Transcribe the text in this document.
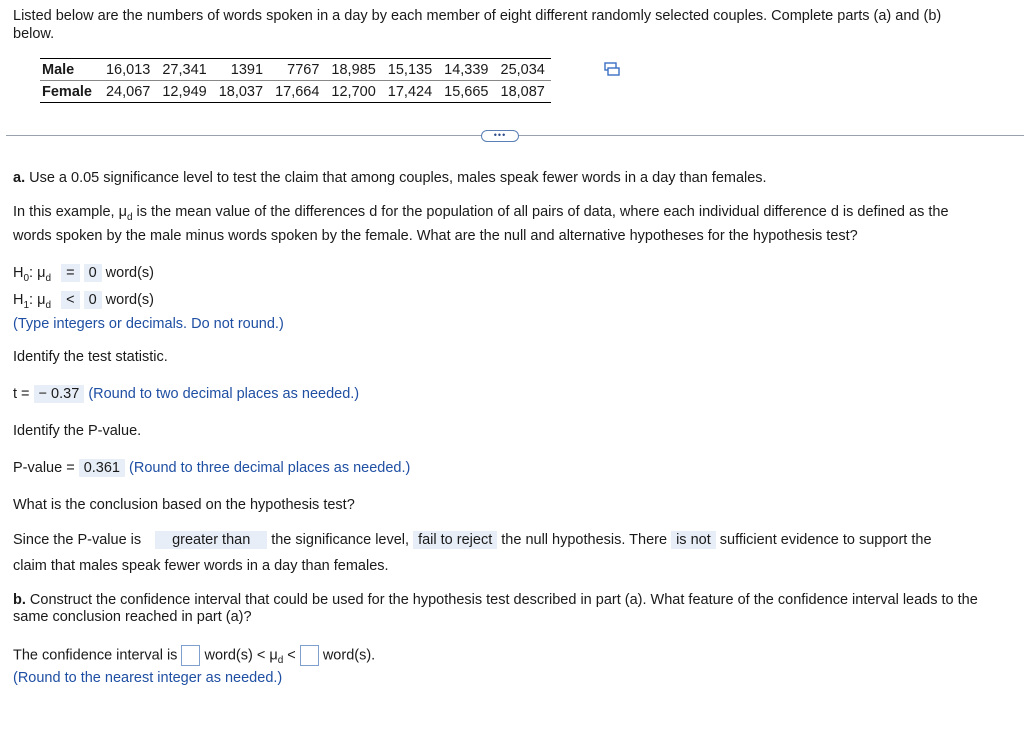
Listed below are the numbers of words spoken in a day by each member of eight different randomly selected couples. Complete parts (a) and (b)
below.
Male	16,013	27,341	1391	7767	18,985	15,135	14,339	25,034
Female	24,067	12,949	18,037	17,664	12,700	17,424	15,665	18,087
•••
a. Use a 0.05 significance level to test the claim that among couples, males speak fewer words in a day than females.
In this example, $\mu_d$ is the mean value of the differences d for the population of all pairs of data, where each individual difference d is defined as the
words spoken by the male minus words spoken by the female. What are the null and alternative hypotheses for the hypothesis test?
$H_0$: $\mu_d = 0$ word(s)
$H_1$: $\mu_d < 0$ word(s)
(Type integers or decimals. Do not round.)
Identify the test statistic.
t = − 0.37 (Round to two decimal places as needed.)
Identify the P-value.
P-value = 0.361 (Round to three decimal places as needed.)
What is the conclusion based on the hypothesis test?
Since the P-value is greater than the significance level, fail to reject the null hypothesis. There is not sufficient evidence to support the
claim that males speak fewer words in a day than females.
b. Construct the confidence interval that could be used for the hypothesis test described in part (a). What feature of the confidence interval leads to the
same conclusion reached in part (a)?
The confidence interval is word(s) < $\mu_d$ < word(s).
(Round to the nearest integer as needed.)
